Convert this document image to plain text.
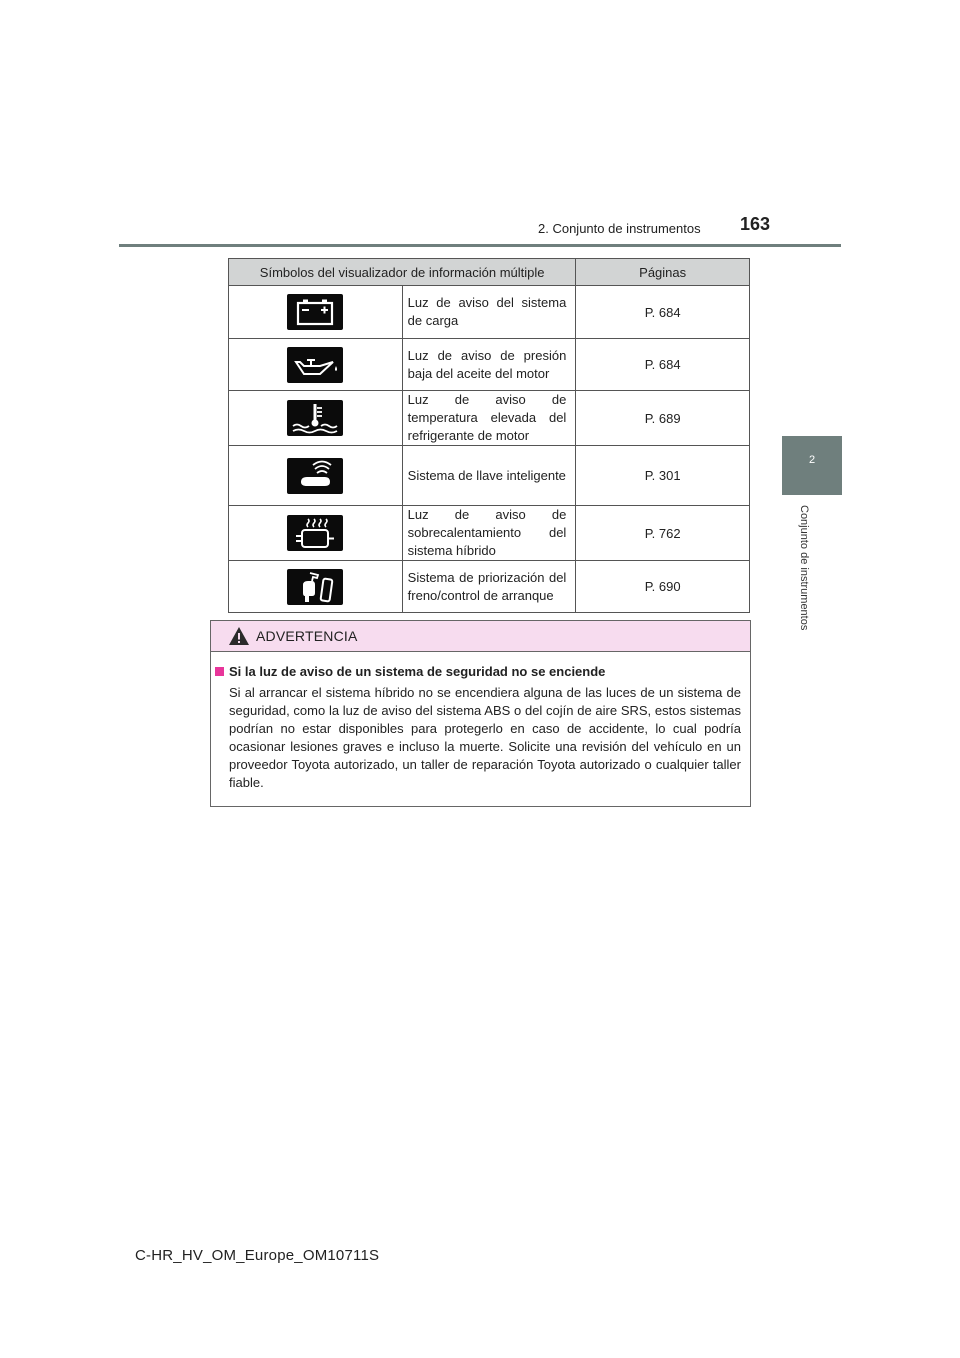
2. Conjunto de instrumentos 163
2
Conjunto de instrumentos
Símbolos del visualizador de información múltiple		Páginas

	Luz de aviso del sistema de carga	P. 684

	Luz de aviso de presión baja del aceite del motor	P. 684

	Luz de aviso de temperatura elevada del refrigerante de motor	P. 689

	Sistema de llave inteligente	P. 301

	Luz de aviso de sobrecalentamiento del sistema híbrido	P. 762

	Sistema de priorización del freno/control de arranque	P. 690
ADVERTENCIA
Si la luz de aviso de un sistema de seguridad no se enciende
Si al arrancar el sistema híbrido no se encendiera alguna de las luces de un sistema de seguridad, como la luz de aviso del sistema ABS o del cojín de aire SRS, estos sistemas podrían no estar disponibles para protegerlo en caso de accidente, lo cual podría ocasionar lesiones graves e incluso la muerte. Solicite una revisión del vehículo en un proveedor Toyota autorizado, un taller de reparación Toyota autorizado o cualquier taller fiable.
C-HR_HV_OM_Europe_OM10711S
